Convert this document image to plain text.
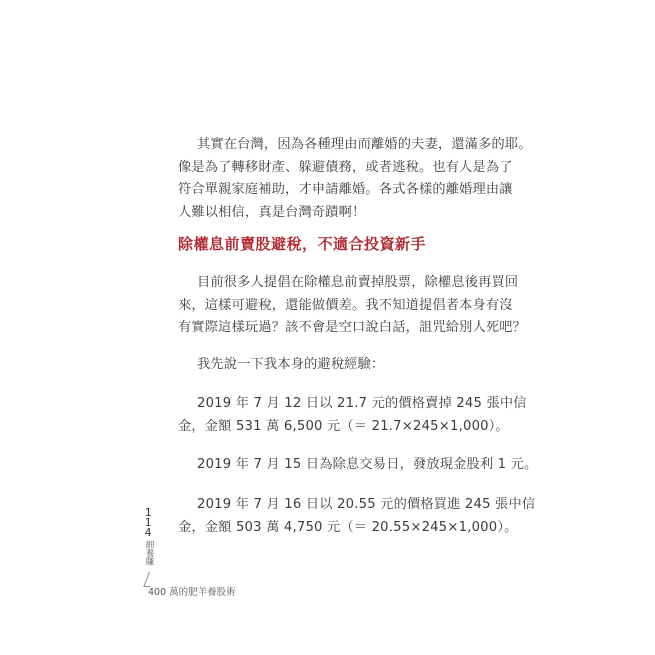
其實在台灣，因為各種理由而離婚的夫妻，還滿多的耶。
像是為了轉移財產、躲避債務，或者逃稅。也有人是為了
符合單親家庭補助，才申請離婚。各式各樣的離婚理由讓
人難以相信，真是台灣奇蹟啊！
除權息前賣股避稅，不適合投資新手
目前很多人提倡在除權息前賣掉股票，除權息後再買回
來，這樣可避稅，還能做價差。我不知道提倡者本身有沒
有實際這樣玩過？該不會是空口說白話，詛咒給別人死吧？
我先說一下我本身的避稅經驗：
2019 年 7 月 12 日以 21.7 元的價格賣掉 245 張中信
金，金額 531 萬 6,500 元（＝ 21.7×245×1,000）。
2019 年 7 月 15 日為除息交易日，發放現金股利 1 元。
2019 年 7 月 16 日以 20.55 元的價格買進 245 張中信
金，金額 503 萬 4,750 元（＝ 20.55×245×1,000）。
1
1
4
細養賺
400 萬的肥羊養股術
